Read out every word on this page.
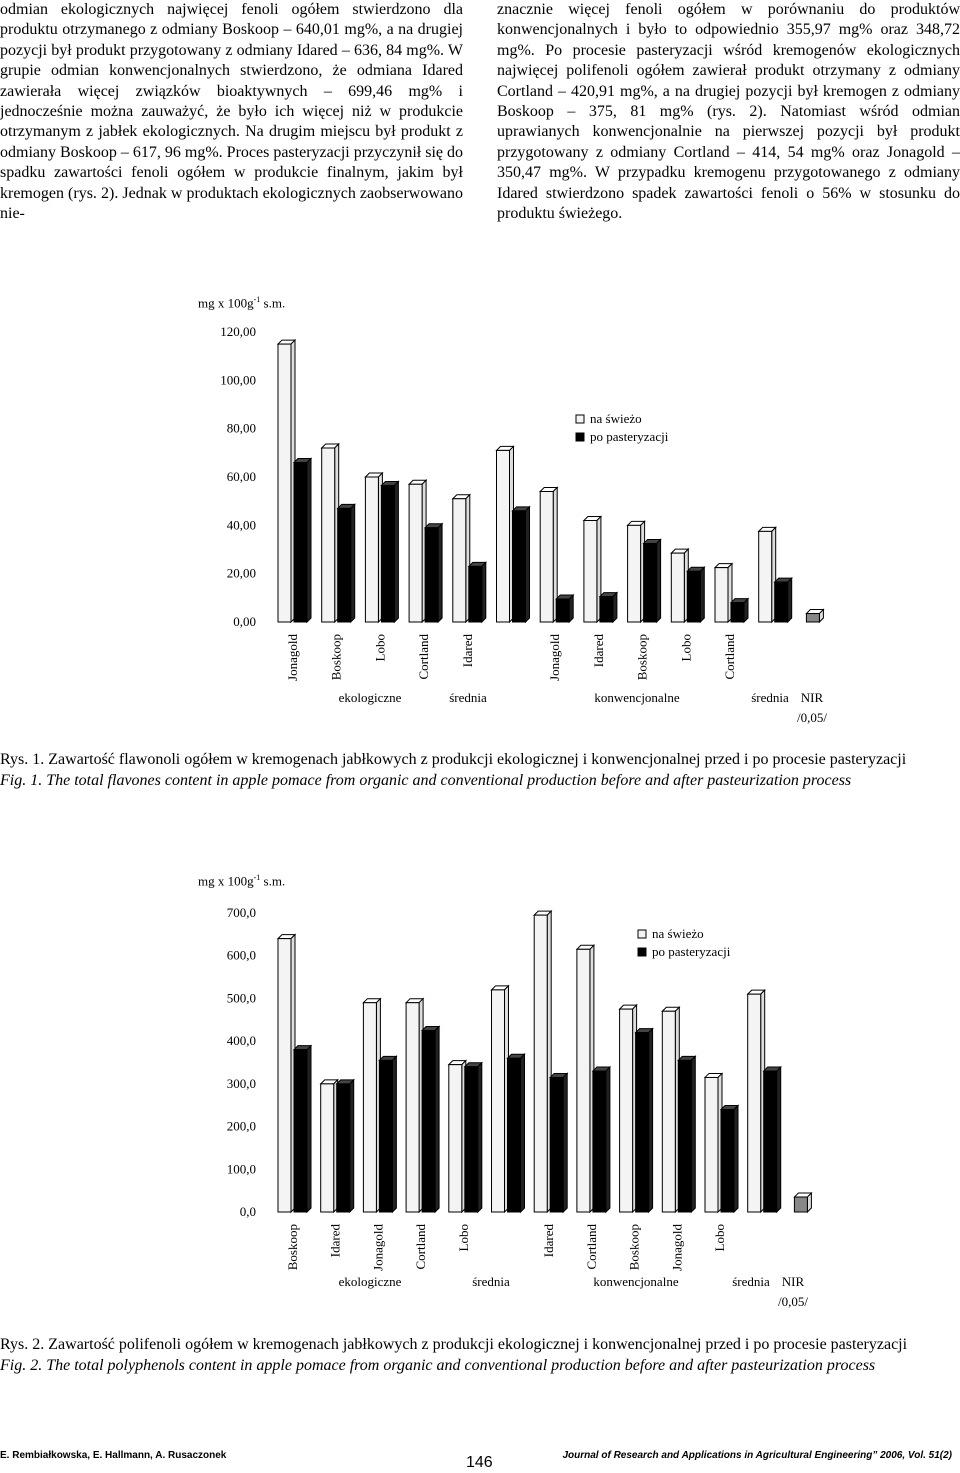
odmian ekologicznych najwięcej fenoli ogółem stwierdzono dla produktu otrzymanego z odmiany Boskoop – 640,01 mg%, a na drugiej pozycji był produkt przygotowany z odmiany Idared – 636, 84 mg%. W grupie odmian konwencjonalnych stwierdzono, że odmiana Idared zawierała więcej związków bioaktywnych – 699,46 mg% i jednocześnie można zauważyć, że było ich więcej niż w produkcie otrzymanym z jabłek ekologicznych. Na drugim miejscu był produkt z odmiany Boskoop – 617, 96 mg%. Proces pasteryzacji przyczynił się do spadku zawartości fenoli ogółem w produkcie finalnym, jakim był kremogen (rys. 2). Jednak w produktach ekologicznych zaobserwowano nie-

znacznie więcej fenoli ogółem w porównaniu do produktów konwencjonalnych i było to odpowiednio 355,97 mg% oraz 348,72 mg%. Po procesie pasteryzacji wśród kremogenów ekologicznych najwięcej polifenoli ogółem zawierał produkt otrzymany z odmiany Cortland – 420,91 mg%, a na drugiej pozycji był kremogen z odmiany Boskoop – 375, 81 mg% (rys. 2). Natomiast wśród odmian uprawianych konwencjonalnie na pierwszej pozycji był produkt przygotowany z odmiany Cortland – 414, 54 mg% oraz Jonagold – 350,47 mg%. W przypadku kremogenu przygotowanego z odmiany Idared stwierdzono spadek zawartości fenoli o 56% w stosunku do produktu świeżego.

mg x $100g^{-1}$ s.m.
0,00
20,00
40,00
60,00
80,00
100,00
120,00
Jonagold Boskoop Lobo Cortland Idared	Jonagold Idared Boskoop Lobo Cortland
na świeżo
po pasteryzacji
ekologiczne	średnia	konwencjonalne	średnia NIR
/0,05/

Rys. 1. Zawartość flawonoli ogółem w kremogenach jabłkowych z produkcji ekologicznej i konwencjonalnej przed i po procesie pasteryzacji

Fig. 1. The total flavones content in apple pomace from organic and conventional production before and after pasteurization process

mg x $100g^{-1}$ s.m.
0,0
100,0
200,0
300,0
400,0
500,0
600,0
700,0
Boskoop Idared Jonagold Cortland Lobo	Idared Cortland Boskoop Jonagold Lobo
na świeżo
po pasteryzacji
ekologiczne	średnia	konwencjonalne	średnia NIR
/0,05/

Rys. 2. Zawartość polifenoli ogółem w kremogenach jabłkowych z produkcji ekologicznej i konwencjonalnej przed i po procesie pasteryzacji

Fig. 2. The total polyphenols content in apple pomace from organic and conventional production before and after pasteurization process

E. Rembiałkowska, E. Hallmann, A. Rusaczonek	146	Journal of Research and Applications in Agricultural Engineering” 2006, Vol. 51(2)
